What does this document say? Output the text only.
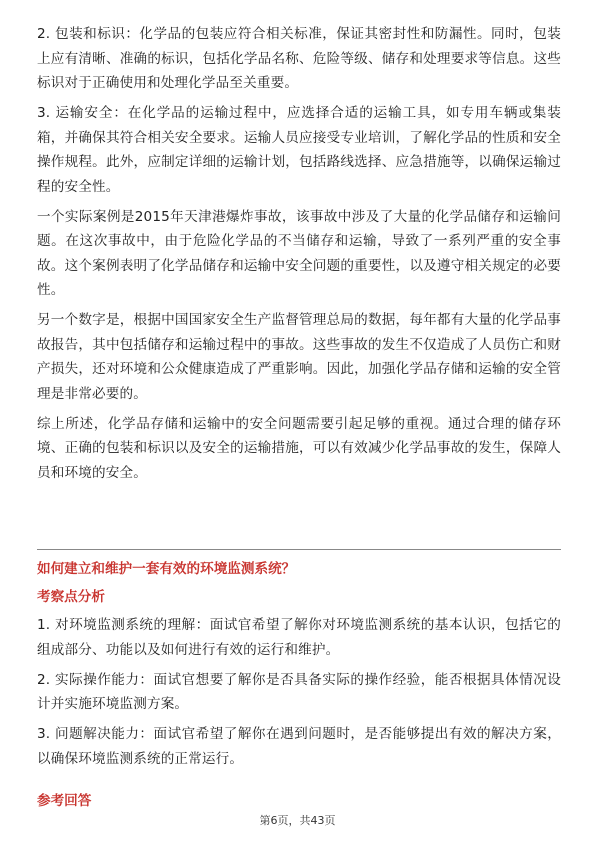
2. 包装和标识：化学品的包装应符合相关标准，保证其密封性和防漏性。同时，包装上应有清晰、准确的标识，包括化学品名称、危险等级、储存和处理要求等信息。这些标识对于正确使用和处理化学品至关重要。

3. 运输安全：在化学品的运输过程中，应选择合适的运输工具，如专用车辆或集装箱，并确保其符合相关安全要求。运输人员应接受专业培训，了解化学品的性质和安全操作规程。此外，应制定详细的运输计划，包括路线选择、应急措施等，以确保运输过程的安全性。

一个实际案例是2015年天津港爆炸事故，该事故中涉及了大量的化学品储存和运输问题。在这次事故中，由于危险化学品的不当储存和运输，导致了一系列严重的安全事故。这个案例表明了化学品储存和运输中安全问题的重要性，以及遵守相关规定的必要性。

另一个数字是，根据中国国家安全生产监督管理总局的数据，每年都有大量的化学品事故报告，其中包括储存和运输过程中的事故。这些事故的发生不仅造成了人员伤亡和财产损失，还对环境和公众健康造成了严重影响。因此，加强化学品存储和运输的安全管理是非常必要的。

综上所述，化学品存储和运输中的安全问题需要引起足够的重视。通过合理的储存环境、正确的包装和标识以及安全的运输措施，可以有效减少化学品事故的发生，保障人员和环境的安全。

如何建立和维护一套有效的环境监测系统？
考察点分析

1. 对环境监测系统的理解：面试官希望了解你对环境监测系统的基本认识，包括它的组成部分、功能以及如何进行有效的运行和维护。

2. 实际操作能力：面试官想要了解你是否具备实际的操作经验，能否根据具体情况设计并实施环境监测方案。

3. 问题解决能力：面试官希望了解你在遇到问题时，是否能够提出有效的解决方案，以确保环境监测系统的正常运行。

参考回答
第6页，共43页
